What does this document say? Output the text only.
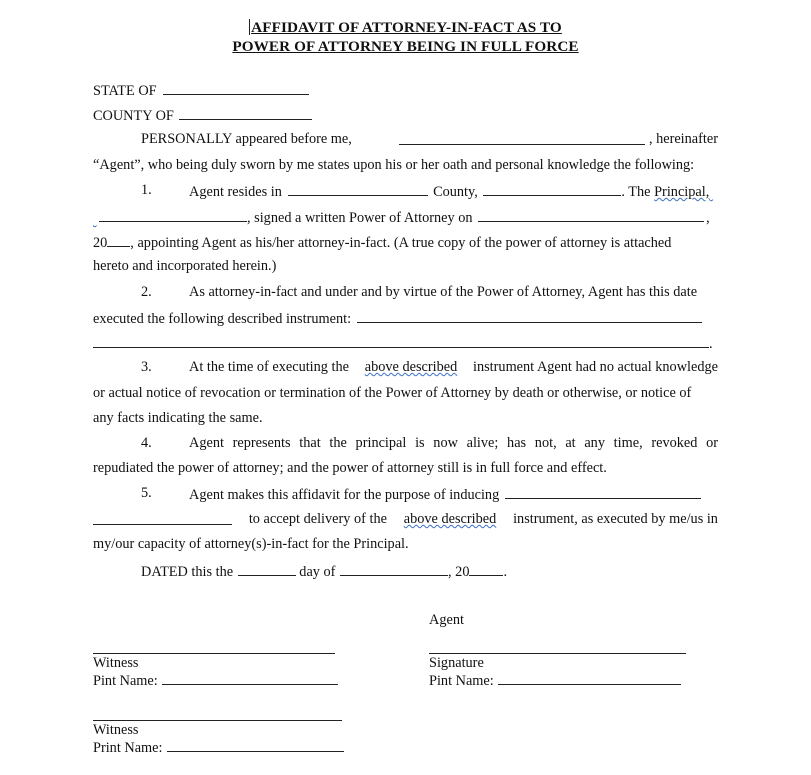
AFFIDAVIT OF ATTORNEY-IN-FACT AS TO
POWER OF ATTORNEY BEING IN FULL FORCE
STATE OF
COUNTY OF
PERSONALLY appeared before me,	, hereinafter
“Agent”, who being duly sworn by me states upon his or her oath and personal knowledge the following:
1.	Agent resides in	County,	. The Principal,
, signed a written Power of Attorney on	,
20 , appointing Agent as his/her attorney-in-fact. (A true copy of the power of attorney is attached
hereto and incorporated herein.)
2.	As attorney-in-fact and under and by virtue of the Power of Attorney, Agent has this date
executed the following described instrument:
.
3.	At the time of executing the above described instrument Agent had no actual knowledge
or actual notice of revocation or termination of the Power of Attorney by death or otherwise, or notice of
any facts indicating the same.
4.	Agent represents that the principal is now alive; has not, at any time, revoked or
repudiated the power of attorney; and the power of attorney still is in full force and effect.
5.	Agent makes this affidavit for the purpose of inducing
to accept delivery of the above described instrument, as executed by me/us in
my/our capacity of attorney(s)-in-fact for the Principal.
DATED this the	day of	, 20 .
Agent
Witness
Pint Name:
Signature
Pint Name:
Witness
Print Name:
